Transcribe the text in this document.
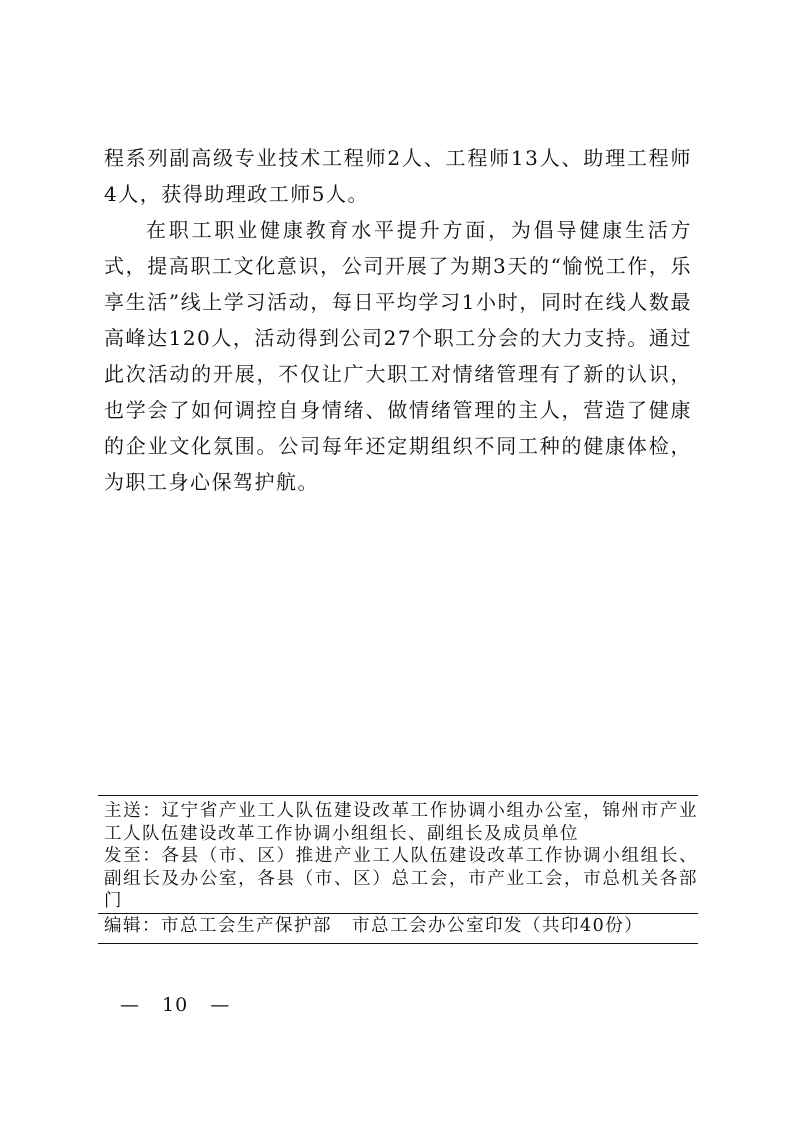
程系列副高级专业技术工程师2人、工程师13人、助理工程师4人，获得助理政工师5人。

在职工职业健康教育水平提升方面，为倡导健康生活方式，提高职工文化意识，公司开展了为期3天的“愉悦工作，乐享生活”线上学习活动，每日平均学习1小时，同时在线人数最高峰达120人，活动得到公司27个职工分会的大力支持。通过此次活动的开展，不仅让广大职工对情绪管理有了新的认识，也学会了如何调控自身情绪、做情绪管理的主人，营造了健康的企业文化氛围。公司每年还定期组织不同工种的健康体检，为职工身心保驾护航。

主送：辽宁省产业工人队伍建设改革工作协调小组办公室，锦州市产业工人队伍建设改革工作协调小组组长、副组长及成员单位
发至：各县（市、区）推进产业工人队伍建设改革工作协调小组组长、副组长及办公室，各县（市、区）总工会，市产业工会，市总机关各部门
编辑：市总工会生产保护部 市总工会办公室印发（共印40份）
— 10 —
